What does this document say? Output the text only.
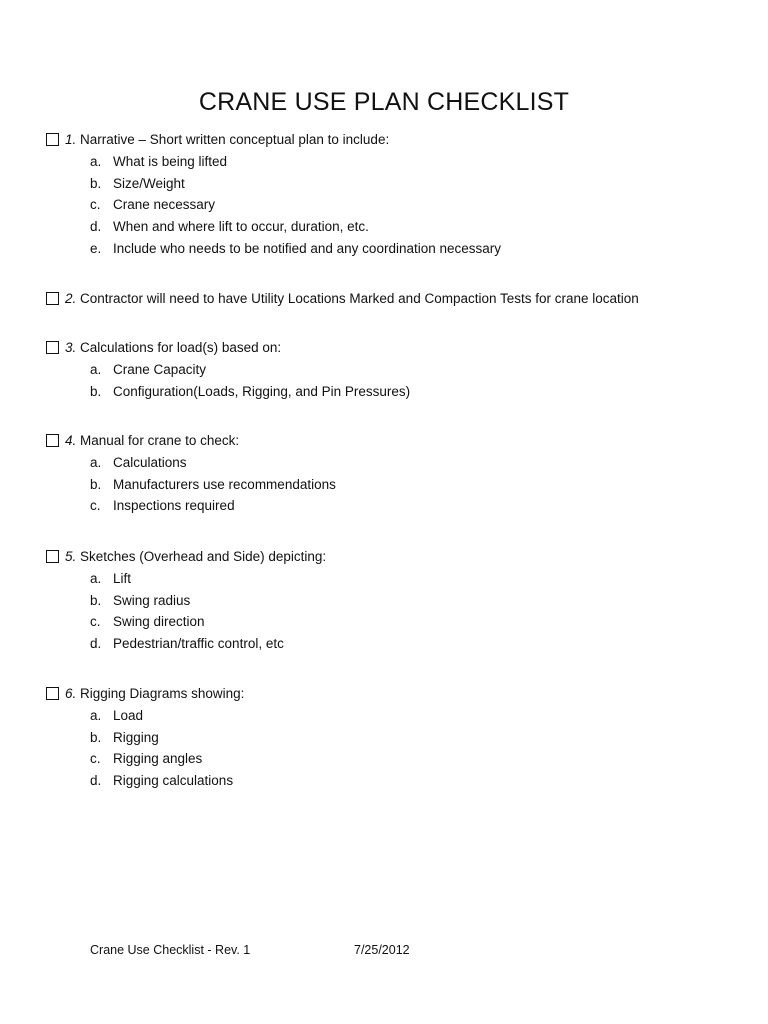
CRANE USE PLAN CHECKLIST
1.
Narrative – Short written conceptual plan to include:
a. What is being lifted
b. Size/Weight
c. Crane necessary
d. When and where lift to occur, duration, etc.
e. Include who needs to be notified and any coordination necessary
2.
Contractor will need to have Utility Locations Marked and Compaction Tests for crane location
3.
Calculations for load(s) based on:
a. Crane Capacity
b. Configuration(Loads, Rigging, and Pin Pressures)
4.
Manual for crane to check:
a. Calculations
b. Manufacturers use recommendations
c. Inspections required
5.
Sketches (Overhead and Side) depicting:
a. Lift
b. Swing radius
c. Swing direction
d. Pedestrian/traffic control, etc
6.
Rigging Diagrams showing:
a. Load
b. Rigging
c. Rigging angles
d. Rigging calculations
Crane Use Checklist - Rev. 1	7/25/2012
